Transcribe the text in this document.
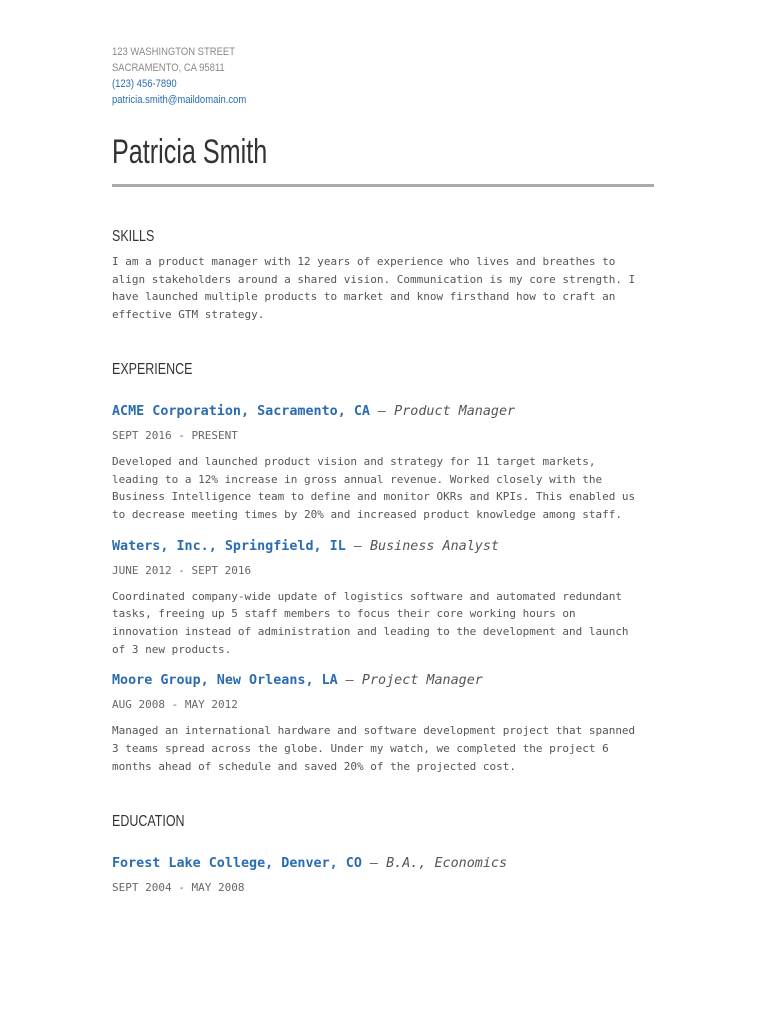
123 WASHINGTON STREET
SACRAMENTO, CA 95811
(123) 456-7890
patricia.smith@maildomain.com
Patricia Smith
SKILLS
I am a product manager with 12 years of experience who lives and breathes to
align stakeholders around a shared vision. Communication is my core strength. I
have launched multiple products to market and know firsthand how to craft an
effective GTM strategy.
EXPERIENCE
ACME Corporation, Sacramento, CA — Product Manager
SEPT 2016 - PRESENT
Developed and launched product vision and strategy for 11 target markets,
leading to a 12% increase in gross annual revenue. Worked closely with the
Business Intelligence team to define and monitor OKRs and KPIs. This enabled us
to decrease meeting times by 20% and increased product knowledge among staff.
Waters, Inc., Springfield, IL — Business Analyst
JUNE 2012 - SEPT 2016
Coordinated company-wide update of logistics software and automated redundant
tasks, freeing up 5 staff members to focus their core working hours on
innovation instead of administration and leading to the development and launch
of 3 new products.
Moore Group, New Orleans, LA — Project Manager
AUG 2008 - MAY 2012
Managed an international hardware and software development project that spanned
3 teams spread across the globe. Under my watch, we completed the project 6
months ahead of schedule and saved 20% of the projected cost.
EDUCATION
Forest Lake College, Denver, CO — B.A., Economics
SEPT 2004 - MAY 2008
